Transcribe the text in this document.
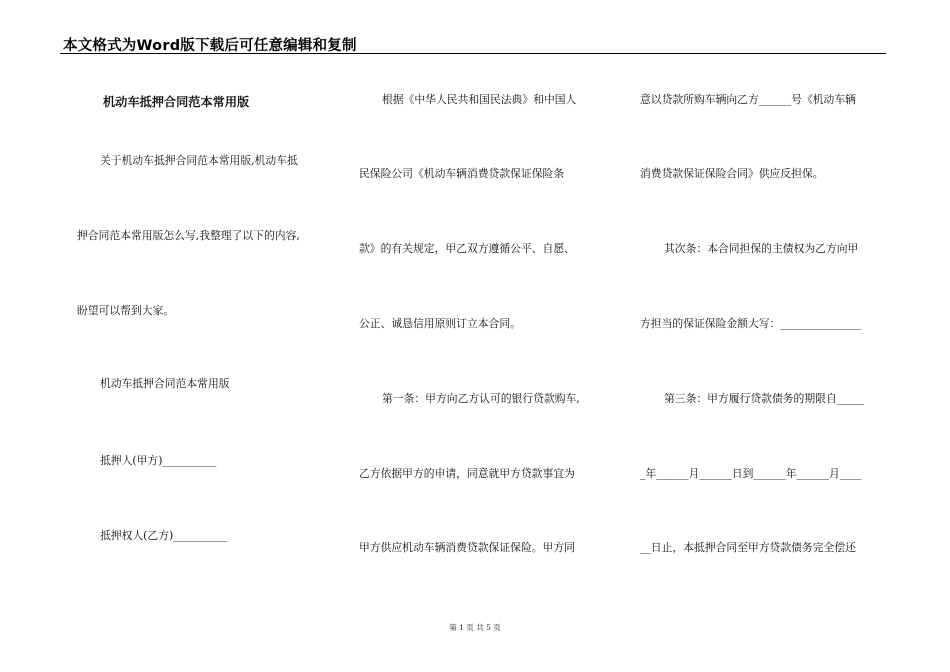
本文格式为Word版下载后可任意编辑和复制
机动车抵押合同范本常用版
关于机动车抵押合同范本常用版,机动车抵
押合同范本常用版怎么写,我整理了以下的内容,
盼望可以帮到大家。
机动车抵押合同范本常用版
抵押人(甲方)__________
抵押权人(乙方)__________
根据《中华人民共和国民法典》和中国人
民保险公司《机动车辆消费贷款保证保险条
款》的有关规定，甲乙双方遵循公平、自愿、
公正、诚恳信用原则订立本合同。
第一条：甲方向乙方认可的银行贷款购车,
乙方依据甲方的申请，同意就甲方贷款事宜为
甲方供应机动车辆消费贷款保证保险。甲方同
意以贷款所购车辆向乙方______号《机动车辆
消费贷款保证保险合同》供应反担保。
其次条：本合同担保的主债权为乙方向甲
方担当的保证保险金额大写：_______________
第三条：甲方履行贷款债务的期限自_____
_年______月______日到______年______月____
__日止，本抵押合同至甲方贷款债务完全偿还
第 1 页 共 5 页
